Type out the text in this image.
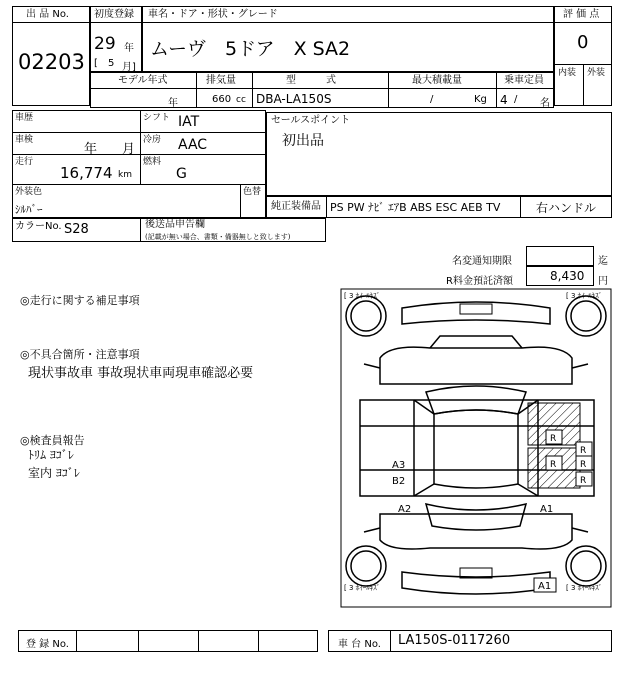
出 品 No.
02203
初度登録
29 年
[ 5 月]
車名・ドア・形状・グレード
ムーヴ　5ドア　X SA2
評 価 点
0
内装 外装
モデル年式
年
排気量
660 cc
型　　　式
DBA-LA150S
最大積載量
/	Kg
乗車定員
4 / 名
車歴	シフト IAT
車検
年 月
冷房 AAC
走行
16,774 km
燃料
G
外装色
ｼﾙﾊﾞｰ
色替
セールスポイント
初出品
純正装備品 PS PW ﾅﾋﾞ ｴｱB ABS ESC AEB TV	右ハンドル
カラーNo. S28	後送品申告欄
(記載が無い場合、書類・備器無しと致します)
名変通知期限	迄
R料金預託済額	8,430 円
◎走行に関する補足事項
◎不具合箇所・注意事項
現状事故車 事故現状車両現車確認必要
◎検査員報告
ﾄﾘﾑ ﾖｺﾞﾚ
室内 ﾖｺﾞﾚ
R
R
R	R
R
A3
B2
A2	A1
[ 3 ﾎｲｰﾙｷｽﾞ	[ 3 ﾎｲｰﾙｷｽﾞ
[ 3 ﾎｲｰﾙｷｽﾞ	[ 3 ﾎｲｰﾙｷｽﾞ
A1
登 録 No.	車 台 No. LA150S-0117260
